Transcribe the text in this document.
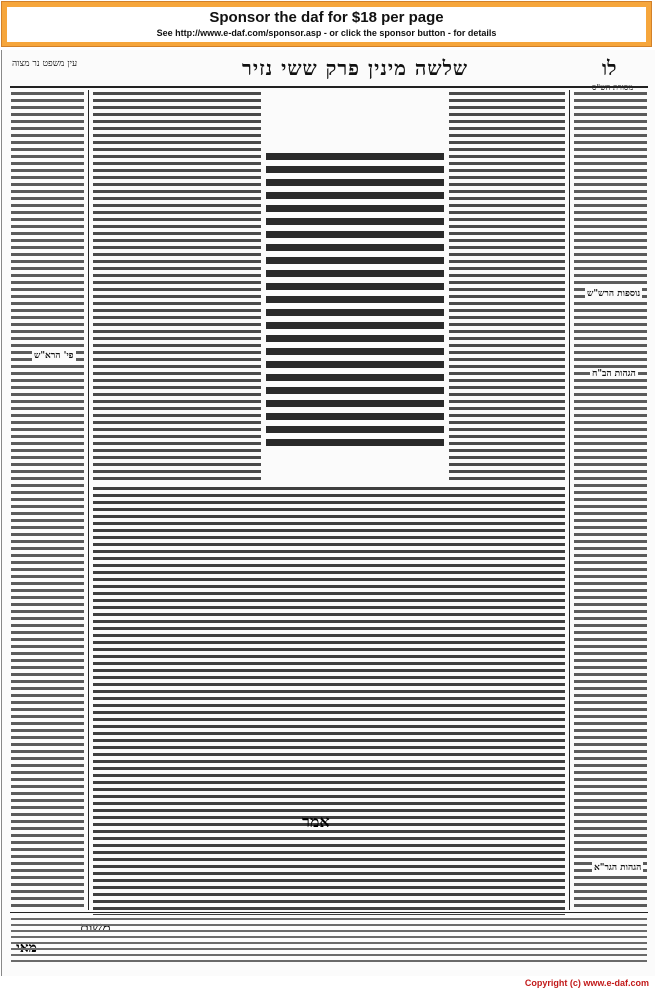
Sponsor the daf for $18 per page
See http://www.e-daf.com/sponsor.asp - or click the sponsor button - for details
עין משפט נר מצוה	שלשה מינין פרק ששי נזיר	לו
פי' הרא"ש
נוספות הרש"ש
הגהות הב"ח
הגהות הגר"א
אמר
Copyright (c) www.e-daf.com
